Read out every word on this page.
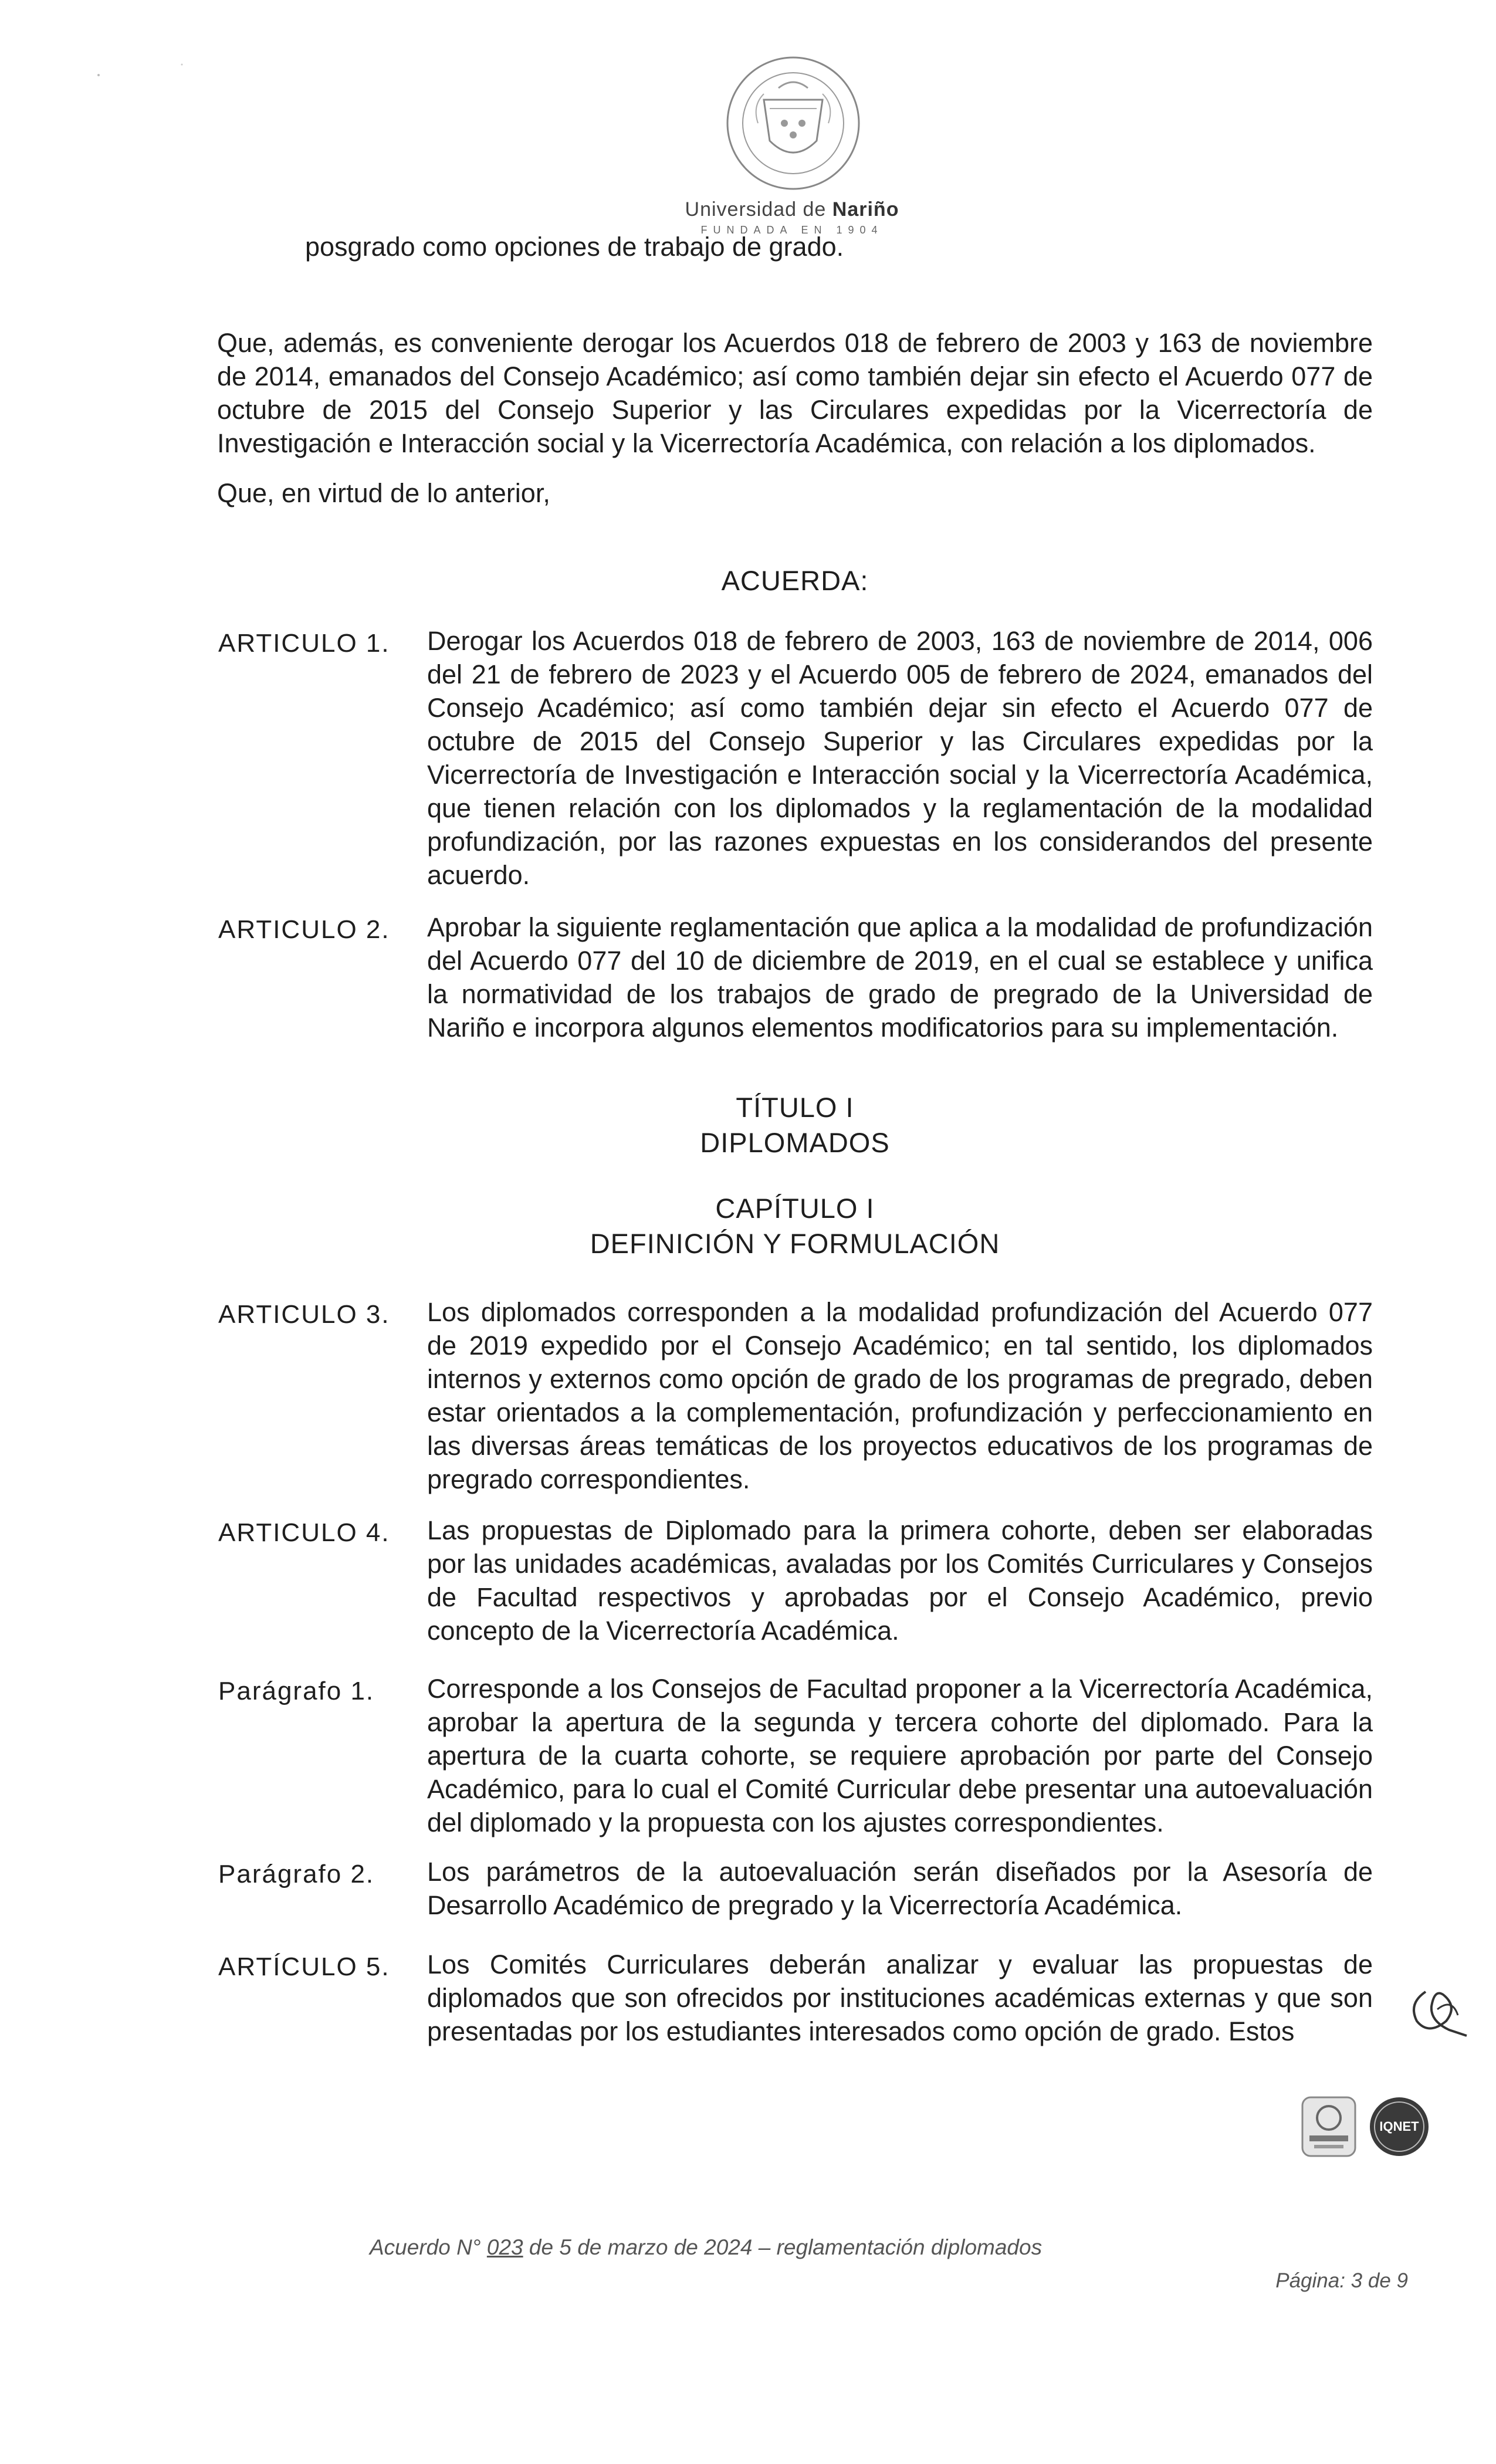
Universidad de Nariño
FUNDADA EN 1904
posgrado como opciones de trabajo de grado.
Que, además, es conveniente derogar los Acuerdos 018 de febrero de 2003 y 163 de noviembre de 2014, emanados del Consejo Académico; así como también dejar sin efecto el Acuerdo 077 de octubre de 2015 del Consejo Superior y las Circulares expedidas por la Vicerrectoría de Investigación e Interacción social y la Vicerrectoría Académica, con relación a los diplomados.
Que, en virtud de lo anterior,
ACUERDA:
ARTICULO 1.	Derogar los Acuerdos 018 de febrero de 2003, 163 de noviembre de 2014, 006 del 21 de febrero de 2023 y el Acuerdo 005 de febrero de 2024, emanados del Consejo Académico; así como también dejar sin efecto el Acuerdo 077 de octubre de 2015 del Consejo Superior y las Circulares expedidas por la Vicerrectoría de Investigación e Interacción social y la Vicerrectoría Académica, que tienen relación con los diplomados y la reglamentación de la modalidad profundización, por las razones expuestas en los considerandos del presente acuerdo.
ARTICULO 2.	Aprobar la siguiente reglamentación que aplica a la modalidad de profundización del Acuerdo 077 del 10 de diciembre de 2019, en el cual se establece y unifica la normatividad de los trabajos de grado de pregrado de la Universidad de Nariño e incorpora algunos elementos modificatorios para su implementación.
TÍTULO I
DIPLOMADOS
CAPÍTULO I
DEFINICIÓN Y FORMULACIÓN
ARTICULO 3.	Los diplomados corresponden a la modalidad profundización del Acuerdo 077 de 2019 expedido por el Consejo Académico; en tal sentido, los diplomados internos y externos como opción de grado de los programas de pregrado, deben estar orientados a la complementación, profundización y perfeccionamiento en las diversas áreas temáticas de los proyectos educativos de los programas de pregrado correspondientes.
ARTICULO 4.	Las propuestas de Diplomado para la primera cohorte, deben ser elaboradas por las unidades académicas, avaladas por los Comités Curriculares y Consejos de Facultad respectivos y aprobadas por el Consejo Académico, previo concepto de la Vicerrectoría Académica.
Parágrafo 1.	Corresponde a los Consejos de Facultad proponer a la Vicerrectoría Académica, aprobar la apertura de la segunda y tercera cohorte del diplomado. Para la apertura de la cuarta cohorte, se requiere aprobación por parte del Consejo Académico, para lo cual el Comité Curricular debe presentar una autoevaluación del diplomado y la propuesta con los ajustes correspondientes.
Parágrafo 2.	Los parámetros de la autoevaluación serán diseñados por la Asesoría de Desarrollo Académico de pregrado y la Vicerrectoría Académica.
ARTÍCULO 5.	Los Comités Curriculares deberán analizar y evaluar las propuestas de diplomados que son ofrecidos por instituciones académicas externas y que son presentadas por los estudiantes interesados como opción de grado. Estos
IQNET
Acuerdo N° 023 de 5 de marzo de 2024 – reglamentación diplomados
Página: 3 de 9
